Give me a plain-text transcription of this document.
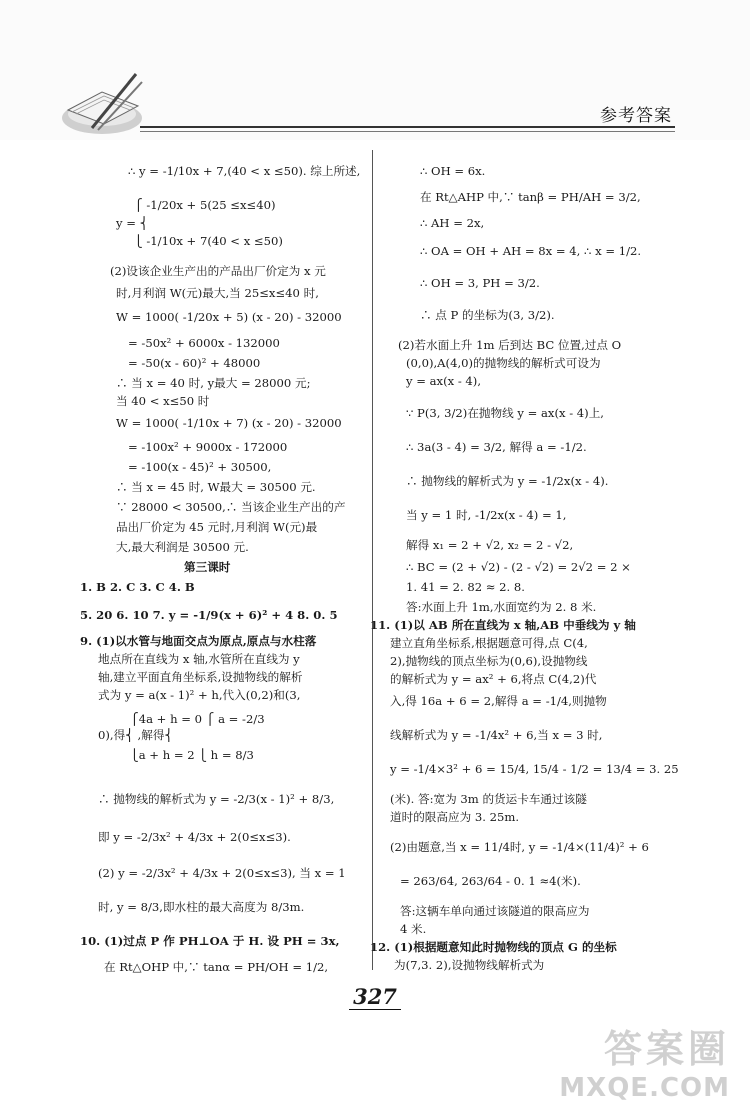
参考答案
∴ y = -1/10x + 7,(40 < x ≤50). 综上所述,
⎧ -1/20x + 5(25 ≤x≤40)
y = ⎨
⎩ -1/10x + 7(40 < x ≤50)
(2)设该企业生产出的产品出厂价定为 x 元
时,月利润 W(元)最大,当 25≤x≤40 时,
W = 1000( -1/20x + 5) (x - 20) - 32000
= -50x² + 6000x - 132000
= -50(x - 60)² + 48000
∴ 当 x = 40 时, y最大 = 28000 元;
当 40 < x≤50 时
W = 1000( -1/10x + 7) (x - 20) - 32000
= -100x² + 9000x - 172000
= -100(x - 45)² + 30500,
∴ 当 x = 45 时, W最大 = 30500 元.
∵ 28000 < 30500,∴ 当该企业生产出的产
品出厂价定为 45 元时,月利润 W(元)最
大,最大利润是 30500 元.
第三课时
1. B 2. C 3. C 4. B
5. 20 6. 10 7. y = -1/9(x + 6)² + 4 8. 0. 5
9. (1)以水管与地面交点为原点,原点与水柱落
地点所在直线为 x 轴,水管所在直线为 y
轴,建立平面直角坐标系,设抛物线的解析
式为 y = a(x - 1)² + h,代入(0,2)和(3,
⎧4a + h = 0 ⎧ a = -2/3
0),得⎨ ,解得⎨
⎩a + h = 2 ⎩ h = 8/3
∴ 抛物线的解析式为 y = -2/3(x - 1)² + 8/3,
即 y = -2/3x² + 4/3x + 2(0≤x≤3).
(2) y = -2/3x² + 4/3x + 2(0≤x≤3), 当 x = 1
时, y = 8/3,即水柱的最大高度为 8/3m.
10. (1)过点 P 作 PH⊥OA 于 H. 设 PH = 3x,
在 Rt△OHP 中,∵ tanα = PH/OH = 1/2,
∴ OH = 6x.
在 Rt△AHP 中,∵ tanβ = PH/AH = 3/2,
∴ AH = 2x,
∴ OA = OH + AH = 8x = 4, ∴ x = 1/2.
∴ OH = 3, PH = 3/2.
∴ 点 P 的坐标为(3, 3/2).
(2)若水面上升 1m 后到达 BC 位置,过点 O
(0,0),A(4,0)的抛物线的解析式可设为
y = ax(x - 4),
∵ P(3, 3/2)在抛物线 y = ax(x - 4)上,
∴ 3a(3 - 4) = 3/2, 解得 a = -1/2.
∴ 抛物线的解析式为 y = -1/2x(x - 4).
当 y = 1 时, -1/2x(x - 4) = 1,
解得 x₁ = 2 + √2, x₂ = 2 - √2,
∴ BC = (2 + √2) - (2 - √2) = 2√2 = 2 ×
1. 41 = 2. 82 ≈ 2. 8.
答:水面上升 1m,水面宽约为 2. 8 米.
11. (1)以 AB 所在直线为 x 轴,AB 中垂线为 y 轴
建立直角坐标系,根据题意可得,点 C(4,
2),抛物线的顶点坐标为(0,6),设抛物线
的解析式为 y = ax² + 6,将点 C(4,2)代
入,得 16a + 6 = 2,解得 a = -1/4,则抛物
线解析式为 y = -1/4x² + 6,当 x = 3 时,
y = -1/4×3² + 6 = 15/4, 15/4 - 1/2 = 13/4 = 3. 25
(米). 答:宽为 3m 的货运卡车通过该隧
道时的限高应为 3. 25m.
(2)由题意,当 x = 11/4时, y = -1/4×(11/4)² + 6
= 263/64, 263/64 - 0. 1 ≈4(米).
答:这辆车单向通过该隧道的限高应为
4 米.
12. (1)根据题意知此时抛物线的顶点 G 的坐标
为(7,3. 2),设抛物线解析式为
327
答案圈
MXQE.COM
